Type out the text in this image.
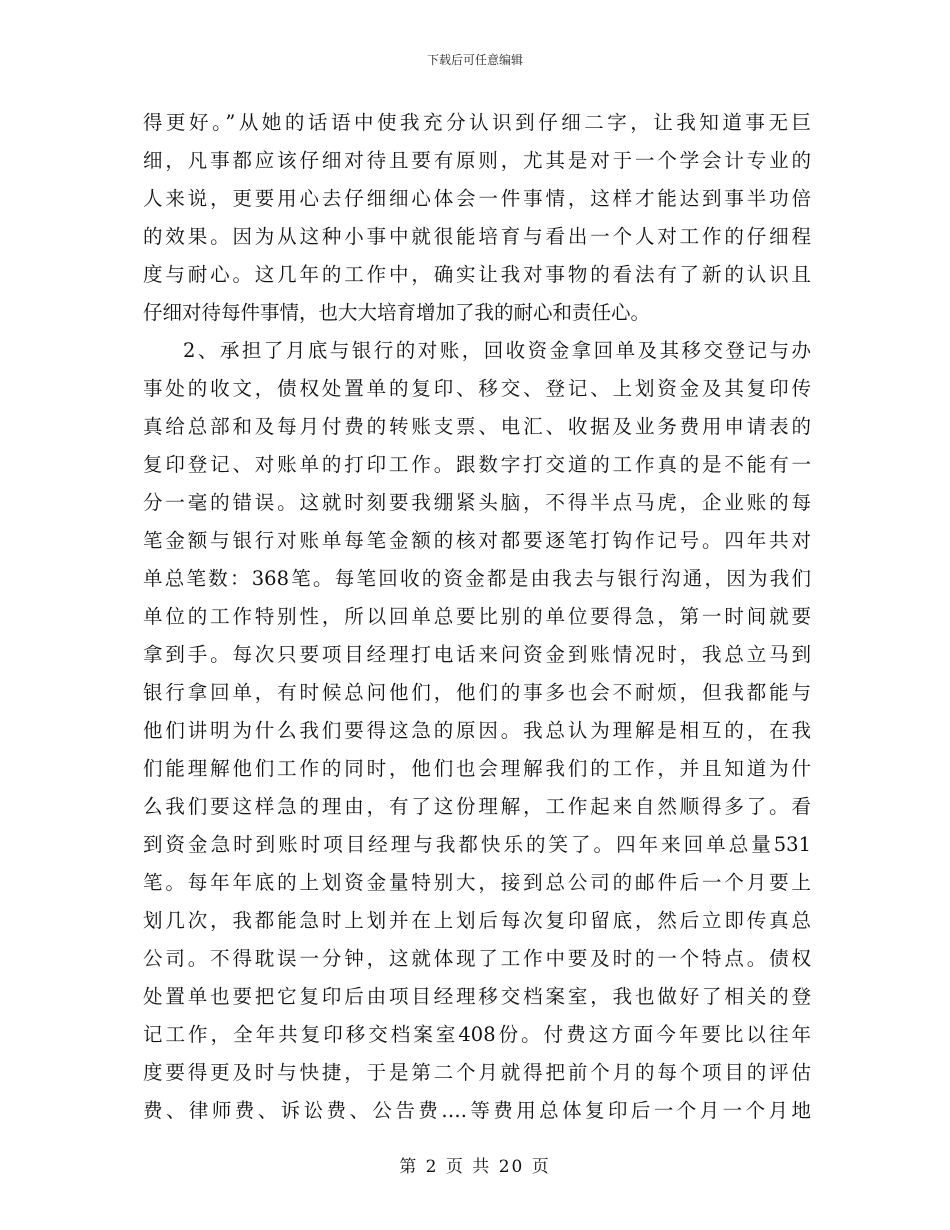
下载后可任意编辑
得更好。”从她的话语中使我充分认识到仔细二字，让我知道事无巨
细，凡事都应该仔细对待且要有原则，尤其是对于一个学会计专业的
人来说，更要用心去仔细细心体会一件事情，这样才能达到事半功倍
的效果。因为从这种小事中就很能培育与看出一个人对工作的仔细程
度与耐心。这几年的工作中，确实让我对事物的看法有了新的认识且
仔细对待每件事情，也大大培育增加了我的耐心和责任心。
2、承担了月底与银行的对账，回收资金拿回单及其移交登记与办
事处的收文，债权处置单的复印、移交、登记、上划资金及其复印传
真给总部和及每月付费的转账支票、电汇、收据及业务费用申请表的
复印登记、对账单的打印工作。跟数字打交道的工作真的是不能有一
分一毫的错误。这就时刻要我绷紧头脑，不得半点马虎，企业账的每
笔金额与银行对账单每笔金额的核对都要逐笔打钩作记号。四年共对
单总笔数：368笔。每笔回收的资金都是由我去与银行沟通，因为我们
单位的工作特别性，所以回单总要比别的单位要得急，第一时间就要
拿到手。每次只要项目经理打电话来问资金到账情况时，我总立马到
银行拿回单，有时候总问他们，他们的事多也会不耐烦，但我都能与
他们讲明为什么我们要得这急的原因。我总认为理解是相互的，在我
们能理解他们工作的同时，他们也会理解我们的工作，并且知道为什
么我们要这样急的理由，有了这份理解，工作起来自然顺得多了。看
到资金急时到账时项目经理与我都快乐的笑了。四年来回单总量531
笔。每年年底的上划资金量特别大，接到总公司的邮件后一个月要上
划几次，我都能急时上划并在上划后每次复印留底，然后立即传真总
公司。不得耽误一分钟，这就体现了工作中要及时的一个特点。债权
处置单也要把它复印后由项目经理移交档案室，我也做好了相关的登
记工作，全年共复印移交档案室408份。付费这方面今年要比以往年
度要得更及时与快捷，于是第二个月就得把前个月的每个项目的评估
费、律师费、诉讼费、公告费….等费用总体复印后一个月一个月地
第 2 页 共 20 页
